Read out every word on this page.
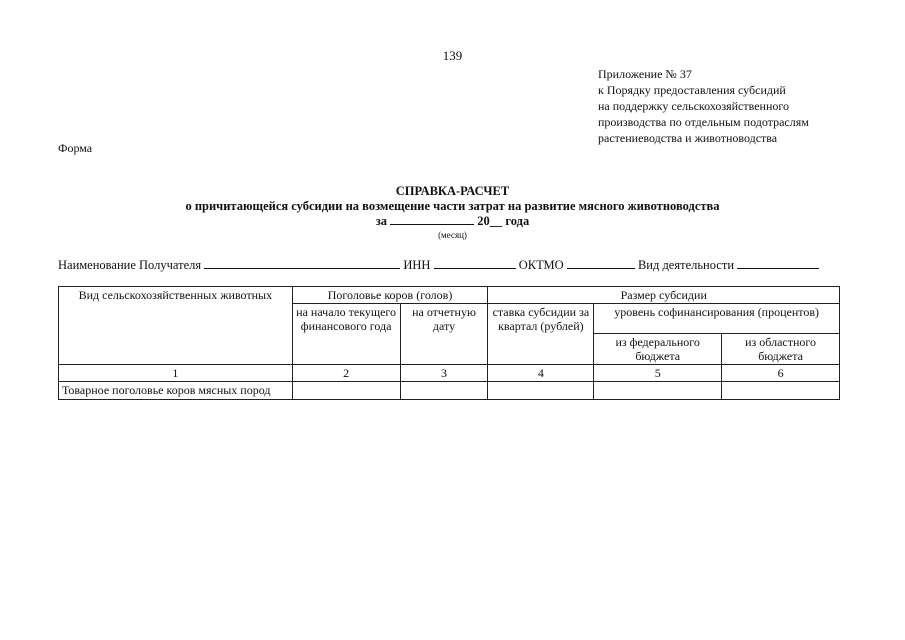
139
Приложение № 37
к Порядку предоставления субсидий
на поддержку сельскохозяйственного
производства по отдельным подотраслям
растениеводства и животноводства
Форма
СПРАВКА-РАСЧЕТ
о причитающейся субсидии на возмещение части затрат на развитие мясного животноводства
за	20__ года
(месяц)
Наименование Получателя	ИНН	ОКТМО	Вид деятельности
Вид сельскохозяйственных животных	Поголовье коров (голов)		Размер субсидии		
	на начало текущего финансового года	на отчетную дату	ставка субсидии за квартал (рублей)	уровень софинансирования (процентов)	
				из федерального бюджета	из областного бюджета
1	2	3	4	5	6
Товарное поголовье коров мясных пород					
